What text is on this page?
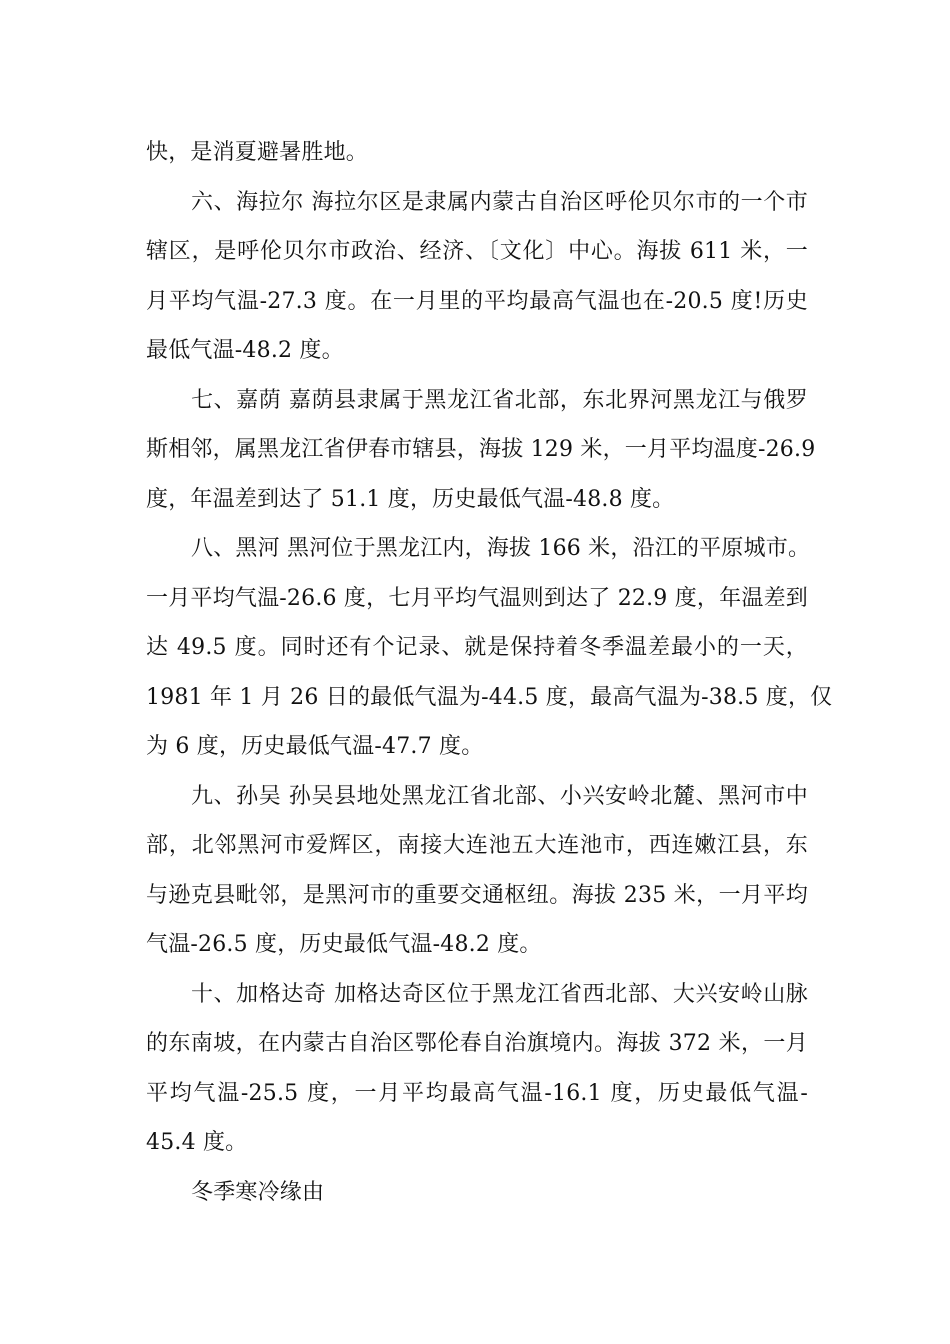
快，是消夏避暑胜地。
六、海拉尔 海拉尔区是隶属内蒙古自治区呼伦贝尔市的一个市
辖区，是呼伦贝尔市政治、经济、〔文化〕中心。海拔 611 米，一
月平均气温-27.3 度。在一月里的平均最高气温也在-20.5 度!历史
最低气温-48.2 度。
七、嘉荫 嘉荫县隶属于黑龙江省北部，东北界河黑龙江与俄罗
斯相邻，属黑龙江省伊春市辖县，海拔 129 米，一月平均温度-26.9
度，年温差到达了 51.1 度，历史最低气温-48.8 度。
八、黑河 黑河位于黑龙江内，海拔 166 米，沿江的平原城市。
一月平均气温-26.6 度，七月平均气温则到达了 22.9 度，年温差到
达 49.5 度。同时还有个记录、就是保持着冬季温差最小的一天，
1981 年 1 月 26 日的最低气温为-44.5 度，最高气温为-38.5 度，仅
为 6 度，历史最低气温-47.7 度。
九、孙吴 孙吴县地处黑龙江省北部、小兴安岭北麓、黑河市中
部，北邻黑河市爱辉区，南接大连池五大连池市，西连嫩江县，东
与逊克县毗邻，是黑河市的重要交通枢纽。海拔 235 米，一月平均
气温-26.5 度，历史最低气温-48.2 度。
十、加格达奇 加格达奇区位于黑龙江省西北部、大兴安岭山脉
的东南坡，在内蒙古自治区鄂伦春自治旗境内。海拔 372 米，一月
平均气温-25.5 度，一月平均最高气温-16.1 度，历史最低气温-
45.4 度。
冬季寒冷缘由
